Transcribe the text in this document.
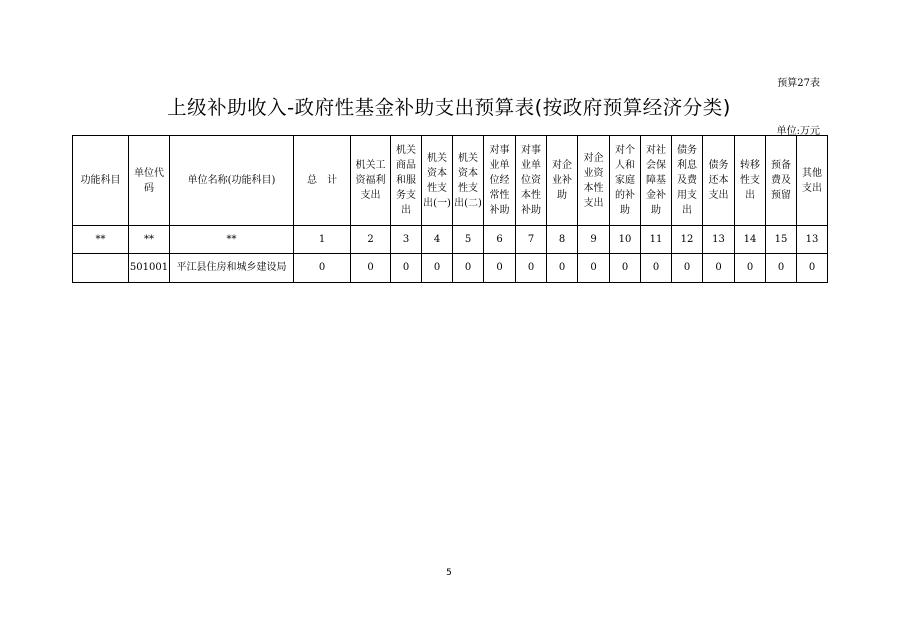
预算27表
上级补助收入-政府性基金补助支出预算表(按政府预算经济分类)
单位:万元
功能科目	单位代码	单位名称(功能科目)	总　计	机关工资福利支出	机关商品和服务支出	机关资本性支出(一)	机关资本性支出(二)	对事业单位经常性补助	对事业单位资本性补助	对企业补助	对企业资本性支出	对个人和家庭的补助	对社会保障基金补助	债务利息及费用支出	债务还本支出	转移性支出	预备费及预留	其他支出
**	**	**	1	2	3	4	5	6	7	8	9	10	11	12	13	14	15	13
	501001	平江县住房和城乡建设局	0	0	0	0	0	0	0	0	0	0	0	0	0	0	0	0
5
